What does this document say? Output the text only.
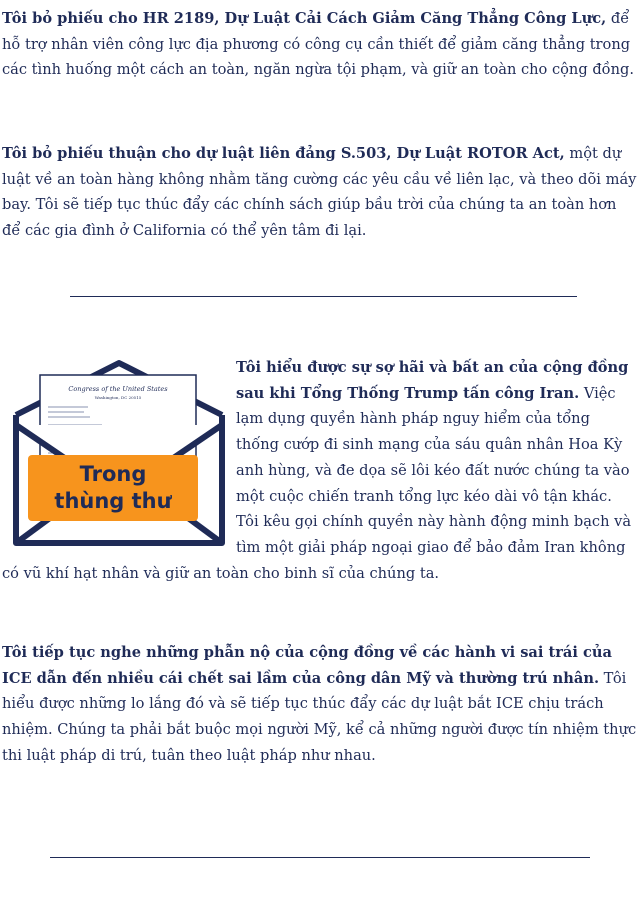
Tôi bỏ phiếu cho HR 2189, Dự Luật Cải Cách Giảm Căng Thẳng Công Lực, để hỗ trợ nhân viên công lực địa phương có công cụ cần thiết để giảm căng thẳng trong các tình huống một cách an toàn, ngăn ngừa tội phạm, và giữ an toàn cho cộng đồng.

Tôi bỏ phiếu thuận cho dự luật liên đảng S.503, Dự Luật ROTOR Act, một dự luật về an toàn hàng không nhằm tăng cường các yêu cầu về liên lạc, và theo dõi máy bay. Tôi sẽ tiếp tục thúc đẩy các chính sách giúp bầu trời của chúng ta an toàn hơn để các gia đình ở California có thể yên tâm đi lại.

Congress of the United States
Washington, DC 20515
Trong
thùng thư

Tôi hiểu được sự sợ hãi và bất an của cộng đồng sau khi Tổng Thống Trump tấn công Iran. Việc lạm dụng quyền hành pháp nguy hiểm của tổng thống cướp đi sinh mạng của sáu quân nhân Hoa Kỳ anh hùng, và đe dọa sẽ lôi kéo đất nước chúng ta vào một cuộc chiến tranh tổng lực kéo dài vô tận khác. Tôi kêu gọi chính quyền này hành động minh bạch và tìm một giải pháp ngoại giao để bảo đảm Iran không có vũ khí hạt nhân và giữ an toàn cho binh sĩ của chúng ta.

Tôi tiếp tục nghe những phẫn nộ của cộng đồng về các hành vi sai trái của ICE dẫn đến nhiều cái chết sai lầm của công dân Mỹ và thường trú nhân. Tôi hiểu được những lo lắng đó và sẽ tiếp tục thúc đẩy các dự luật bắt ICE chịu trách nhiệm. Chúng ta phải bắt buộc mọi người Mỹ, kể cả những người được tín nhiệm thực thi luật pháp di trú, tuân theo luật pháp như nhau.
